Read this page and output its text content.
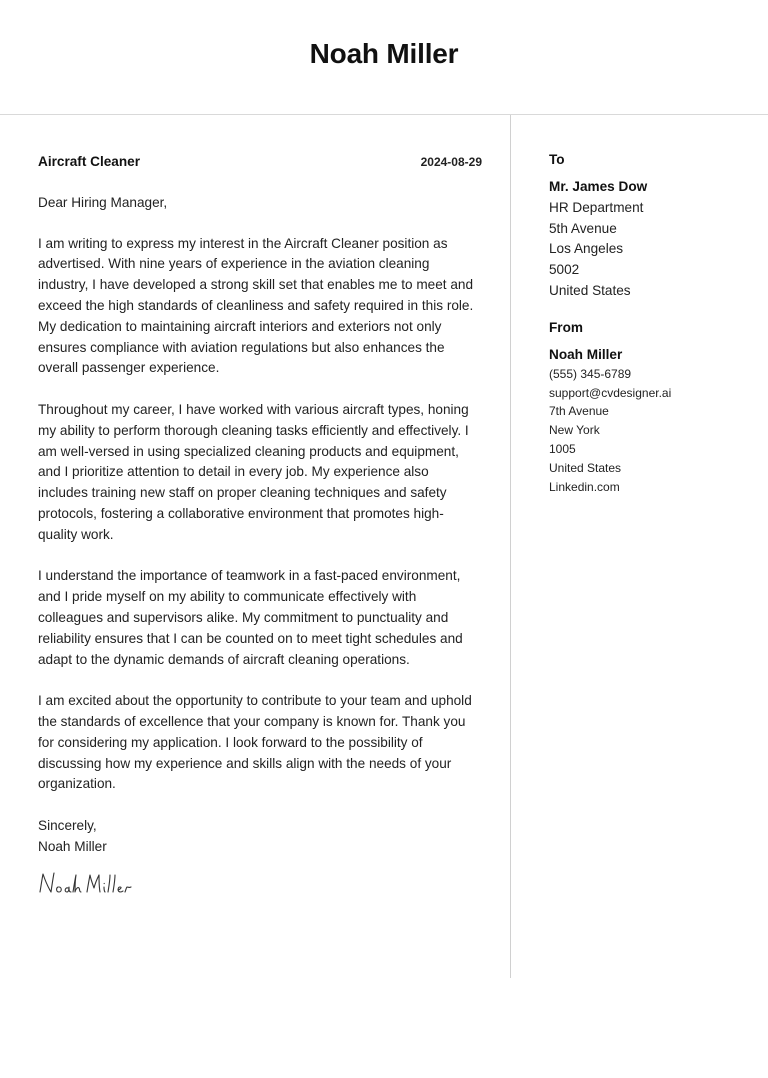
Noah Miller
Aircraft Cleaner	2024-08-29

Dear Hiring Manager,

I am writing to express my interest in the Aircraft Cleaner position as advertised. With nine years of experience in the aviation cleaning industry, I have developed a strong skill set that enables me to meet and exceed the high standards of cleanliness and safety required in this role. My dedication to maintaining aircraft interiors and exteriors not only ensures compliance with aviation regulations but also enhances the overall passenger experience.

Throughout my career, I have worked with various aircraft types, honing my ability to perform thorough cleaning tasks efficiently and effectively. I am well-versed in using specialized cleaning products and equipment, and I prioritize attention to detail in every job. My experience also includes training new staff on proper cleaning techniques and safety protocols, fostering a collaborative environment that promotes high-quality work.

I understand the importance of teamwork in a fast-paced environment, and I pride myself on my ability to communicate effectively with colleagues and supervisors alike. My commitment to punctuality and reliability ensures that I can be counted on to meet tight schedules and adapt to the dynamic demands of aircraft cleaning operations.

I am excited about the opportunity to contribute to your team and uphold the standards of excellence that your company is known for. Thank you for considering my application. I look forward to the possibility of discussing how my experience and skills align with the needs of your organization.

Sincerely,

Noah Miller

To
Mr. James Dow
HR Department
5th Avenue
Los Angeles
5002
United States
From
Noah Miller
(555) 345-6789
support@cvdesigner.ai
7th Avenue
New York
1005
United States
Linkedin.com
